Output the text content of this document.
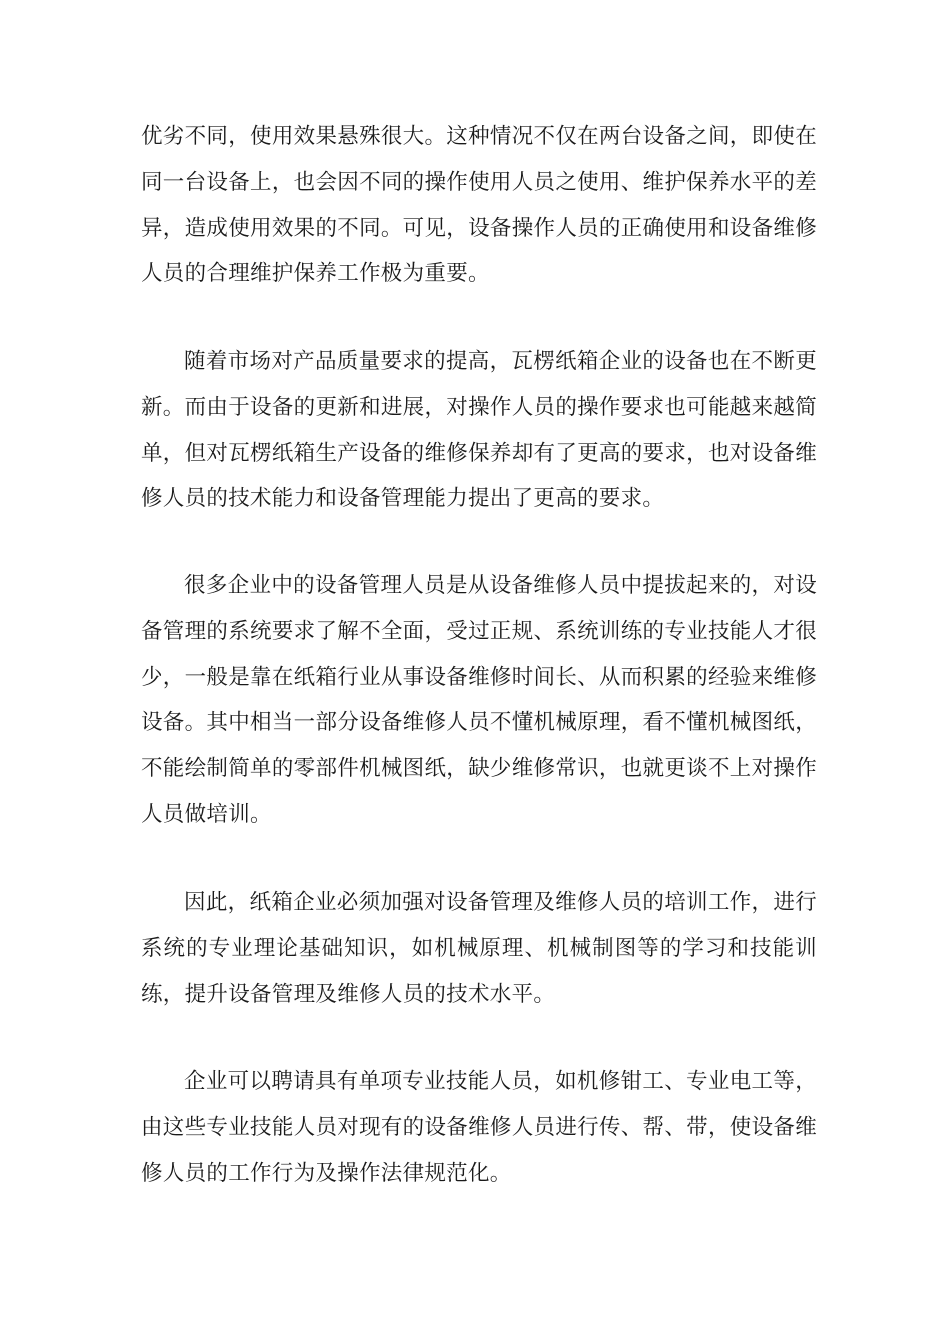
优劣不同，使用效果悬殊很大。这种情况不仅在两台设备之间，即使在同一台设备上，也会因不同的操作使用人员之使用、维护保养水平的差异，造成使用效果的不同。可见，设备操作人员的正确使用和设备维修人员的合理维护保养工作极为重要。

随着市场对产品质量要求的提高，瓦楞纸箱企业的设备也在不断更新。而由于设备的更新和进展，对操作人员的操作要求也可能越来越简单，但对瓦楞纸箱生产设备的维修保养却有了更高的要求，也对设备维修人员的技术能力和设备管理能力提出了更高的要求。

很多企业中的设备管理人员是从设备维修人员中提拔起来的，对设备管理的系统要求了解不全面，受过正规、系统训练的专业技能人才很少，一般是靠在纸箱行业从事设备维修时间长、从而积累的经验来维修设备。其中相当一部分设备维修人员不懂机械原理，看不懂机械图纸，不能绘制简单的零部件机械图纸，缺少维修常识，也就更谈不上对操作人员做培训。

因此，纸箱企业必须加强对设备管理及维修人员的培训工作，进行系统的专业理论基础知识，如机械原理、机械制图等的学习和技能训练，提升设备管理及维修人员的技术水平。

企业可以聘请具有单项专业技能人员，如机修钳工、专业电工等，由这些专业技能人员对现有的设备维修人员进行传、帮、带，使设备维修人员的工作行为及操作法律规范化。
